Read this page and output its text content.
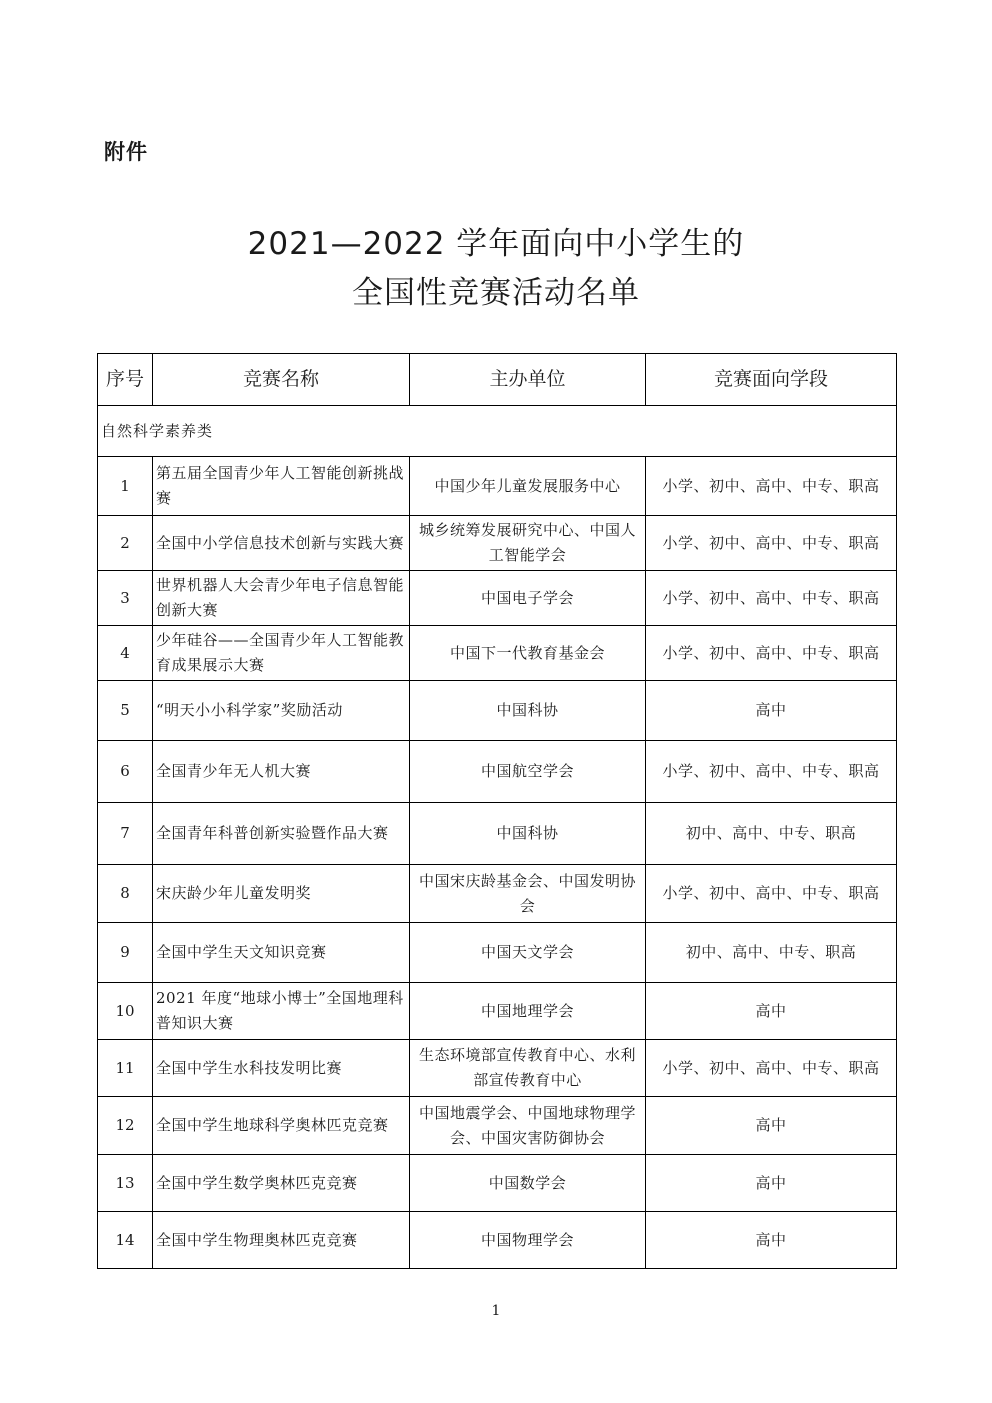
附件
2021—2022 学年面向中小学生的
全国性竞赛活动名单
序号	竞赛名称	主办单位	竞赛面向学段
自然科学素养类			
1	第五届全国青少年人工智能创新挑战赛	中国少年儿童发展服务中心	小学、初中、高中、中专、职高
2	全国中小学信息技术创新与实践大赛	城乡统筹发展研究中心、中国人工智能学会	小学、初中、高中、中专、职高
3	世界机器人大会青少年电子信息智能创新大赛	中国电子学会	小学、初中、高中、中专、职高
4	少年硅谷——全国青少年人工智能教育成果展示大赛	中国下一代教育基金会	小学、初中、高中、中专、职高
5	“明天小小科学家”奖励活动	中国科协	高中
6	全国青少年无人机大赛	中国航空学会	小学、初中、高中、中专、职高
7	全国青年科普创新实验暨作品大赛	中国科协	初中、高中、中专、职高
8	宋庆龄少年儿童发明奖	中国宋庆龄基金会、中国发明协会	小学、初中、高中、中专、职高
9	全国中学生天文知识竞赛	中国天文学会	初中、高中、中专、职高
10	2021 年度“地球小博士”全国地理科普知识大赛	中国地理学会	高中
11	全国中学生水科技发明比赛	生态环境部宣传教育中心、水利部宣传教育中心	小学、初中、高中、中专、职高
12	全国中学生地球科学奥林匹克竞赛	中国地震学会、中国地球物理学会、中国灾害防御协会	高中
13	全国中学生数学奥林匹克竞赛	中国数学会	高中
14	全国中学生物理奥林匹克竞赛	中国物理学会	高中
1
